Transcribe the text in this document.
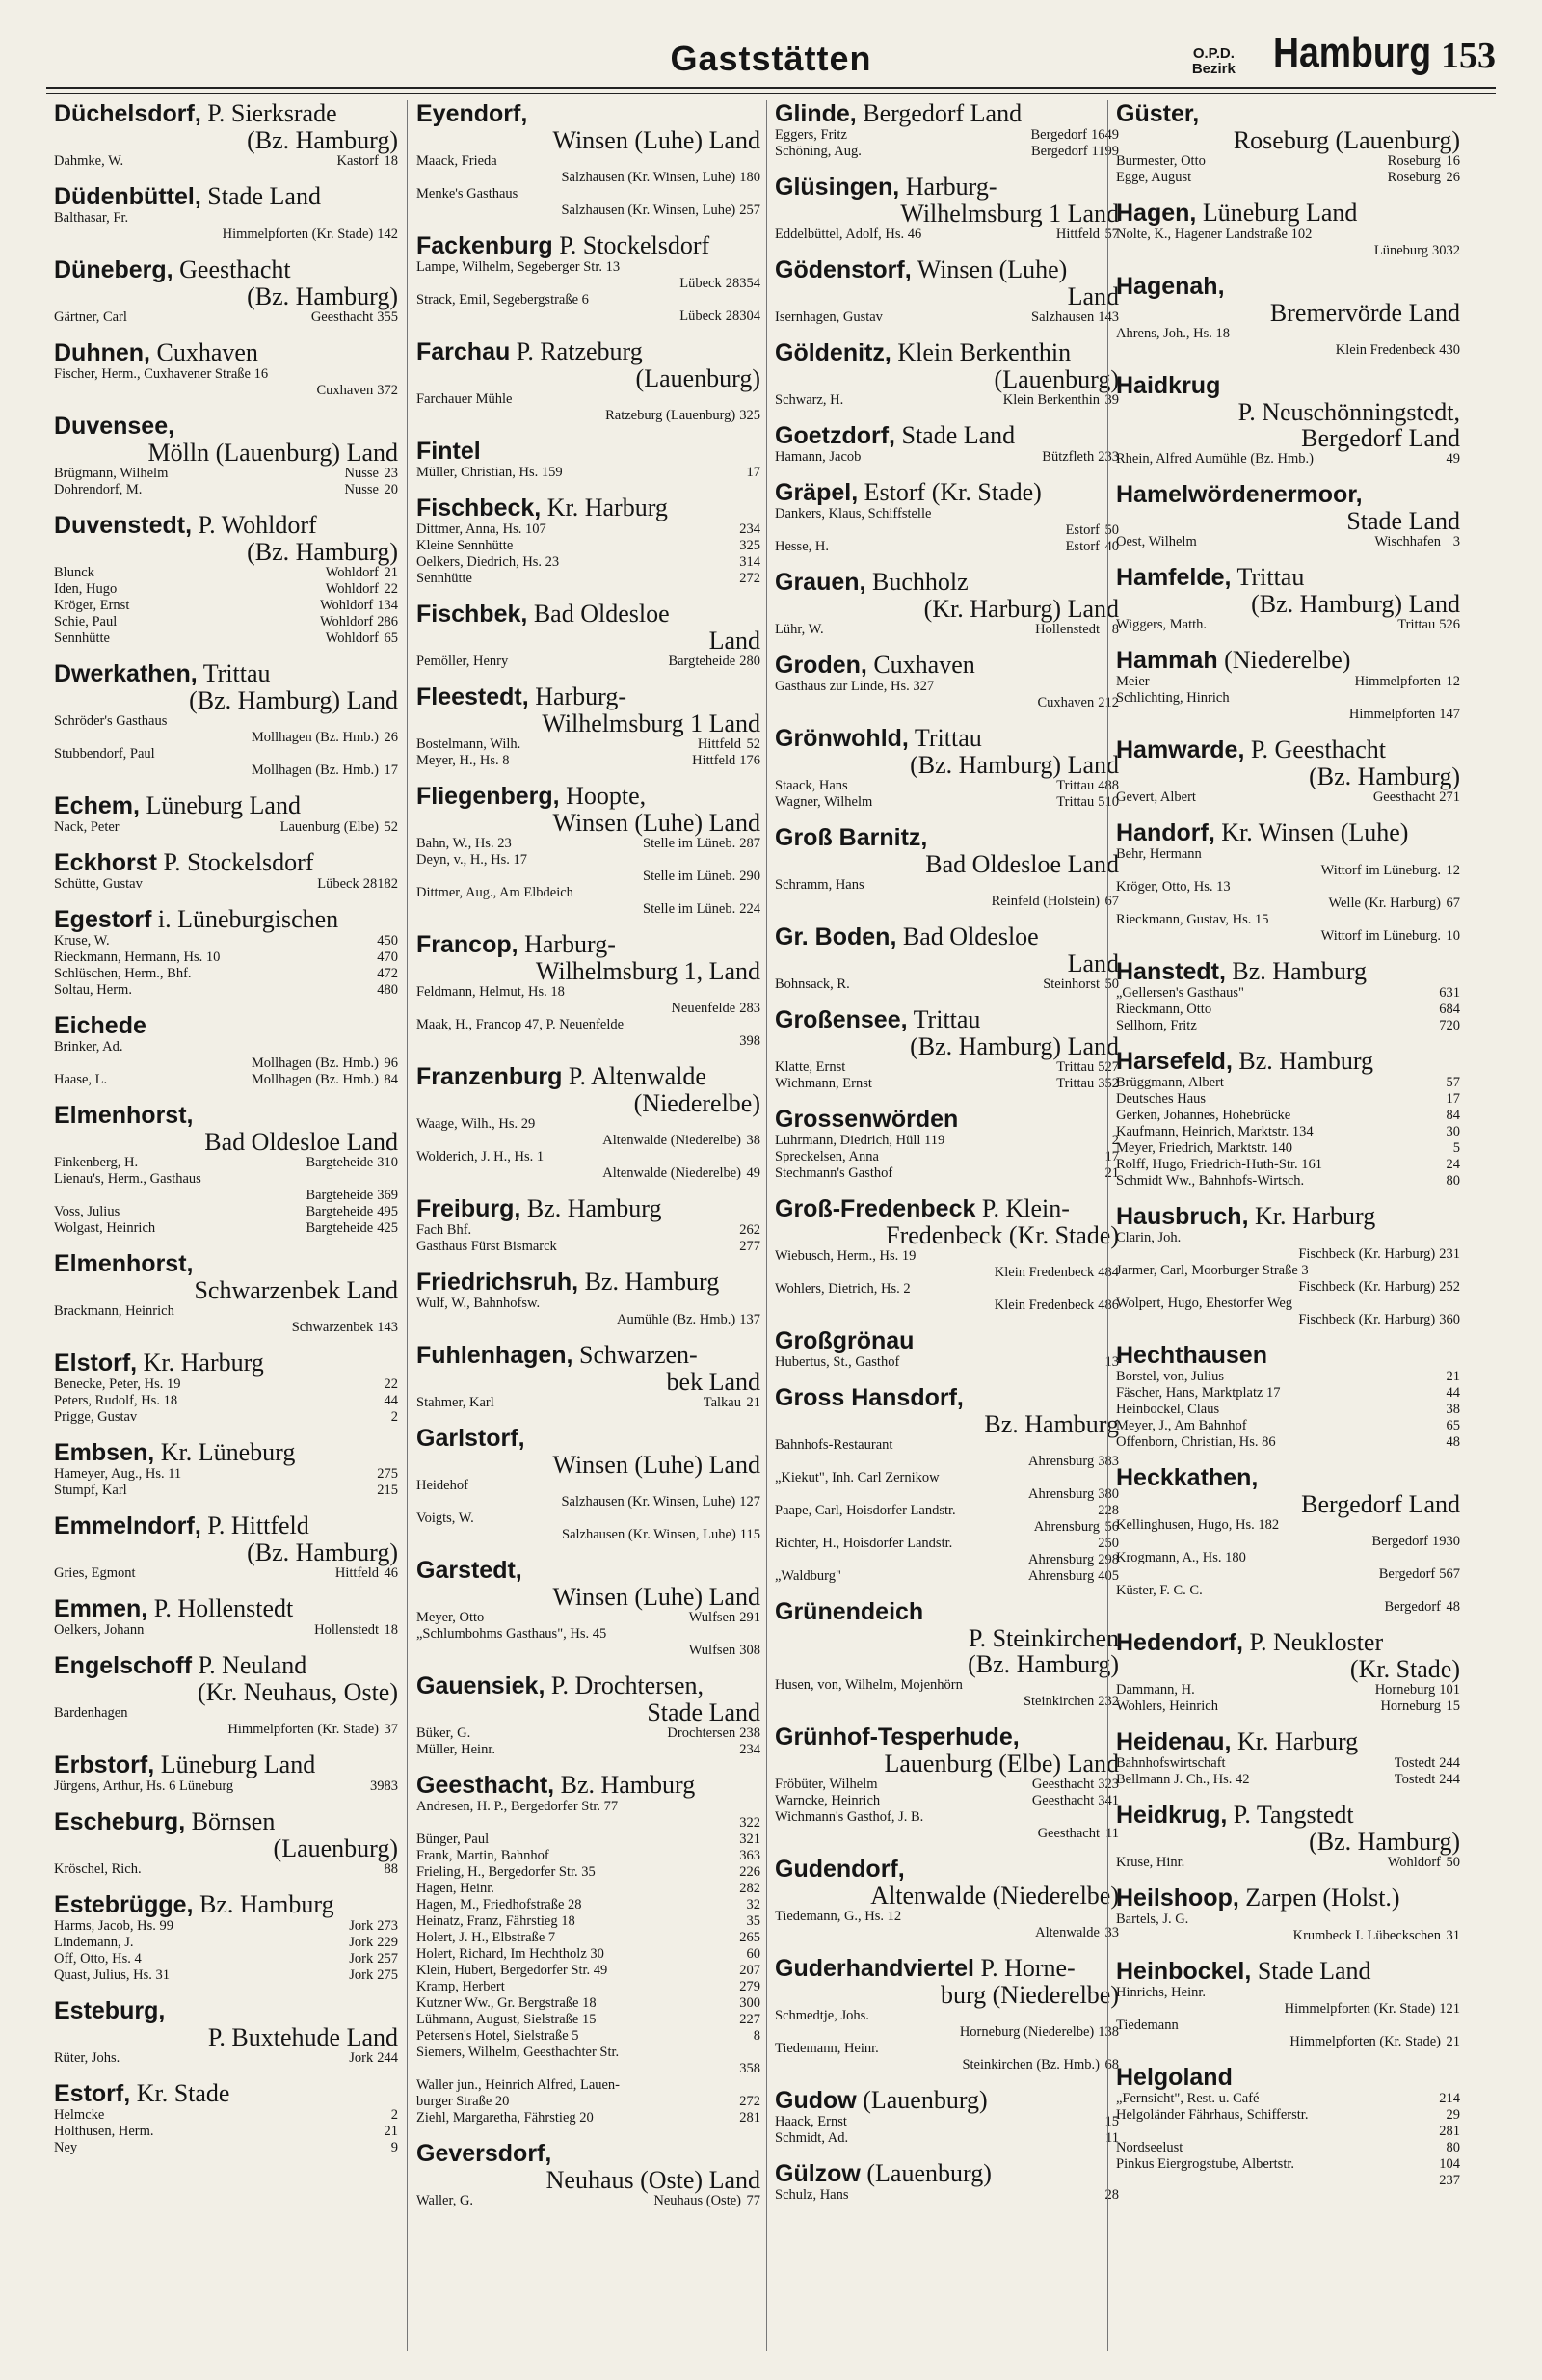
Gaststätten	O.P.D.
Bezirk Hamburg 153
Düchelsdorf, P. Sierksrade
(Bz. Hamburg)
Dahmke, W.	Kastorf 18
Düdenbüttel, Stade Land
Balthasar, Fr.
Himmelpforten (Kr. Stade) 142
Düneberg, Geesthacht
(Bz. Hamburg)
Gärtner, Carl	Geesthacht 355
Duhnen, Cuxhaven
Fischer, Herm., Cuxhavener Straße 16
Cuxhaven 372
Duvensee,
Mölln (Lauenburg) Land
Brügmann, Wilhelm	Nusse 23
Dohrendorf, M.	Nusse 20
Duvenstedt, P. Wohldorf
(Bz. Hamburg)
Blunck	Wohldorf 21
Iden, Hugo	Wohldorf 22
Kröger, Ernst	Wohldorf 134
Schie, Paul	Wohldorf 286
Sennhütte	Wohldorf 65
Dwerkathen, Trittau
(Bz. Hamburg) Land
Schröder's Gasthaus
Mollhagen (Bz. Hmb.) 26
Stubbendorf, Paul
Mollhagen (Bz. Hmb.) 17
Echem, Lüneburg Land
Nack, Peter	Lauenburg (Elbe) 52
Eckhorst P. Stockelsdorf
Schütte, Gustav	Lübeck 28182
Egestorf i. Lüneburgischen
Kruse, W.	450
Rieckmann, Hermann, Hs. 10	470
Schlüschen, Herm., Bhf.	472
Soltau, Herm.	480
Eichede
Brinker, Ad.
Mollhagen (Bz. Hmb.) 96
Haase, L.	Mollhagen (Bz. Hmb.) 84
Elmenhorst,
Bad Oldesloe Land
Finkenberg, H.	Bargteheide 310
Lienau's, Herm., Gasthaus
Bargteheide 369
Voss, Julius	Bargteheide 495
Wolgast, Heinrich	Bargteheide 425
Elmenhorst,
Schwarzenbek Land
Brackmann, Heinrich
Schwarzenbek 143
Elstorf, Kr. Harburg
Benecke, Peter, Hs. 19	22
Peters, Rudolf, Hs. 18	44
Prigge, Gustav	2
Embsen, Kr. Lüneburg
Hameyer, Aug., Hs. 11	275
Stumpf, Karl	215
Emmelndorf, P. Hittfeld
(Bz. Hamburg)
Gries, Egmont	Hittfeld 46
Emmen, P. Hollenstedt
Oelkers, Johann	Hollenstedt 18
Engelschoff P. Neuland
(Kr. Neuhaus, Oste)
Bardenhagen
Himmelpforten (Kr. Stade) 37
Erbstorf, Lüneburg Land
Jürgens, Arthur, Hs. 6 Lüneburg	3983
Escheburg, Börnsen
(Lauenburg)
Kröschel, Rich.	88
Estebrügge, Bz. Hamburg
Harms, Jacob, Hs. 99	Jork 273
Lindemann, J.	Jork 229
Off, Otto, Hs. 4	Jork 257
Quast, Julius, Hs. 31	Jork 275
Esteburg,
P. Buxtehude Land
Rüter, Johs.	Jork 244
Estorf, Kr. Stade
Helmcke	2
Holthusen, Herm.	21
Ney	9
Eyendorf,
Winsen (Luhe) Land
Maack, Frieda
Salzhausen (Kr. Winsen, Luhe) 180
Menke's Gasthaus
Salzhausen (Kr. Winsen, Luhe) 257
Fackenburg P. Stockelsdorf
Lampe, Wilhelm, Segeberger Str. 13
Lübeck 28354
Strack, Emil, Segebergstraße 6
Lübeck 28304
Farchau P. Ratzeburg
(Lauenburg)
Farchauer Mühle
Ratzeburg (Lauenburg) 325
Fintel
Müller, Christian, Hs. 159	17
Fischbeck, Kr. Harburg
Dittmer, Anna, Hs. 107	234
Kleine Sennhütte	325
Oelkers, Diedrich, Hs. 23	314
Sennhütte	272
Fischbek, Bad Oldesloe
Land
Pemöller, Henry	Bargteheide 280
Fleestedt, Harburg-
Wilhelmsburg 1 Land
Bostelmann, Wilh.	Hittfeld 52
Meyer, H., Hs. 8	Hittfeld 176
Fliegenberg, Hoopte,
Winsen (Luhe) Land
Bahn, W., Hs. 23	Stelle im Lüneb. 287
Deyn, v., H., Hs. 17
Stelle im Lüneb. 290
Dittmer, Aug., Am Elbdeich
Stelle im Lüneb. 224
Francop, Harburg-
Wilhelmsburg 1, Land
Feldmann, Helmut, Hs. 18
Neuenfelde 283
Maak, H., Francop 47, P. Neuenfelde
398
Franzenburg P. Altenwalde
(Niederelbe)
Waage, Wilh., Hs. 29
Altenwalde (Niederelbe) 38
Wolderich, J. H., Hs. 1
Altenwalde (Niederelbe) 49
Freiburg, Bz. Hamburg
Fach Bhf.	262
Gasthaus Fürst Bismarck	277
Friedrichsruh, Bz. Hamburg
Wulf, W., Bahnhofsw.
Aumühle (Bz. Hmb.) 137
Fuhlenhagen, Schwarzen-
bek Land
Stahmer, Karl	Talkau 21
Garlstorf,
Winsen (Luhe) Land
Heidehof
Salzhausen (Kr. Winsen, Luhe) 127
Voigts, W.
Salzhausen (Kr. Winsen, Luhe) 115
Garstedt,
Winsen (Luhe) Land
Meyer, Otto	Wulfsen 291
„Schlumbohms Gasthaus", Hs. 45
Wulfsen 308
Gauensiek, P. Drochtersen,
Stade Land
Büker, G.	Drochtersen 238
Müller, Heinr.	234
Geesthacht, Bz. Hamburg
Andresen, H. P., Bergedorfer Str. 77
322
Bünger, Paul	321
Frank, Martin, Bahnhof	363
Frieling, H., Bergedorfer Str. 35	226
Hagen, Heinr.	282
Hagen, M., Friedhofstraße 28	32
Heinatz, Franz, Fährstieg 18	35
Holert, J. H., Elbstraße 7	265
Holert, Richard, Im Hechtholz 30	60
Klein, Hubert, Bergedorfer Str. 49	207
Kramp, Herbert	279
Kutzner Ww., Gr. Bergstraße 18	300
Lühmann, August, Sielstraße 15	227
Petersen's Hotel, Sielstraße 5	8
Siemers, Wilhelm, Geesthachter Str.
358
Waller jun., Heinrich Alfred, Lauen-
burger Straße 20	272
Ziehl, Margaretha, Fährstieg 20	281
Geversdorf,
Neuhaus (Oste) Land
Waller, G.	Neuhaus (Oste) 77
Glinde, Bergedorf Land
Eggers, Fritz	Bergedorf 1649
Schöning, Aug.	Bergedorf 1199
Glüsingen, Harburg-
Wilhelmsburg 1 Land
Eddelbüttel, Adolf, Hs. 46	Hittfeld 57
Gödenstorf, Winsen (Luhe)
Land
Isernhagen, Gustav	Salzhausen 143
Göldenitz, Klein Berkenthin
(Lauenburg)
Schwarz, H.	Klein Berkenthin 39
Goetzdorf, Stade Land
Hamann, Jacob	Bützfleth 233
Gräpel, Estorf (Kr. Stade)
Dankers, Klaus, Schiffstelle
Estorf 50
Hesse, H.	Estorf 40
Grauen, Buchholz
(Kr. Harburg) Land
Lühr, W.	Hollenstedt 8
Groden, Cuxhaven
Gasthaus zur Linde, Hs. 327
Cuxhaven 212
Grönwohld, Trittau
(Bz. Hamburg) Land
Staack, Hans	Trittau 488
Wagner, Wilhelm	Trittau 510
Groß Barnitz,
Bad Oldesloe Land
Schramm, Hans
Reinfeld (Holstein) 67
Gr. Boden, Bad Oldesloe
Land
Bohnsack, R.	Steinhorst 50
Großensee, Trittau
(Bz. Hamburg) Land
Klatte, Ernst	Trittau 527
Wichmann, Ernst	Trittau 352
Grossenwörden
Luhrmann, Diedrich, Hüll 119	2
Spreckelsen, Anna	17
Stechmann's Gasthof	21
Groß-Fredenbeck P. Klein-
Fredenbeck (Kr. Stade)
Wiebusch, Herm., Hs. 19
Klein Fredenbeck 484
Wohlers, Dietrich, Hs. 2
Klein Fredenbeck 486
Großgrönau
Hubertus, St., Gasthof	13
Gross Hansdorf,
Bz. Hamburg
Bahnhofs-Restaurant
Ahrensburg 383
„Kiekut", Inh. Carl Zernikow
Ahrensburg 380
Paape, Carl, Hoisdorfer Landstr.	228
Ahrensburg 56
Richter, H., Hoisdorfer Landstr.	250
Ahrensburg 298
„Waldburg"	Ahrensburg 405
Grünendeich
P. Steinkirchen
(Bz. Hamburg)
Husen, von, Wilhelm, Mojenhörn
Steinkirchen 232
Grünhof-Tesperhude,
Lauenburg (Elbe) Land
Fröbüter, Wilhelm	Geesthacht 323
Warncke, Heinrich	Geesthacht 341
Wichmann's Gasthof, J. B.
Geesthacht 11
Gudendorf,
Altenwalde (Niederelbe)
Tiedemann, G., Hs. 12
Altenwalde 33
Guderhandviertel P. Horne-
burg (Niederelbe)
Schmedtje, Johs.
Horneburg (Niederelbe) 138
Tiedemann, Heinr.
Steinkirchen (Bz. Hmb.) 68
Gudow (Lauenburg)
Haack, Ernst	15
Schmidt, Ad.	11
Gülzow (Lauenburg)
Schulz, Hans	28
Güster,
Roseburg (Lauenburg)
Burmester, Otto	Roseburg 16
Egge, August	Roseburg 26
Hagen, Lüneburg Land
Nolte, K., Hagener Landstraße 102
Lüneburg 3032
Hagenah,
Bremervörde Land
Ahrens, Joh., Hs. 18
Klein Fredenbeck 430
Haidkrug
P. Neuschönningstedt,
Bergedorf Land
Rhein, Alfred Aumühle (Bz. Hmb.)	49
Hamelwördenermoor,
Stade Land
Oest, Wilhelm	Wischhafen 3
Hamfelde, Trittau
(Bz. Hamburg) Land
Wiggers, Matth.	Trittau 526
Hammah (Niederelbe)
Meier	Himmelpforten 12
Schlichting, Hinrich
Himmelpforten 147
Hamwarde, P. Geesthacht
(Bz. Hamburg)
Gevert, Albert	Geesthacht 271
Handorf, Kr. Winsen (Luhe)
Behr, Hermann
Wittorf im Lüneburg. 12
Kröger, Otto, Hs. 13
Welle (Kr. Harburg) 67
Rieckmann, Gustav, Hs. 15
Wittorf im Lüneburg. 10
Hanstedt, Bz. Hamburg
„Gellersen's Gasthaus"	631
Rieckmann, Otto	684
Sellhorn, Fritz	720
Harsefeld, Bz. Hamburg
Brüggmann, Albert	57
Deutsches Haus	17
Gerken, Johannes, Hohebrücke	84
Kaufmann, Heinrich, Marktstr. 134	30
Meyer, Friedrich, Marktstr. 140	5
Rolff, Hugo, Friedrich-Huth-Str. 161	24
Schmidt Ww., Bahnhofs-Wirtsch.	80
Hausbruch, Kr. Harburg
Clarin, Joh.
Fischbeck (Kr. Harburg) 231
Jarmer, Carl, Moorburger Straße 3
Fischbeck (Kr. Harburg) 252
Wolpert, Hugo, Ehestorfer Weg
Fischbeck (Kr. Harburg) 360
Hechthausen
Borstel, von, Julius	21
Fäscher, Hans, Marktplatz 17	44
Heinbockel, Claus	38
Meyer, J., Am Bahnhof	65
Offenborn, Christian, Hs. 86	48
Heckkathen,
Bergedorf Land
Kellinghusen, Hugo, Hs. 182
Bergedorf 1930
Krogmann, A., Hs. 180
Bergedorf 567
Küster, F. C. C.
Bergedorf 48
Hedendorf, P. Neukloster
(Kr. Stade)
Dammann, H.	Horneburg 101
Wohlers, Heinrich	Horneburg 15
Heidenau, Kr. Harburg
Bahnhofswirtschaft	Tostedt 244
Bellmann J. Ch., Hs. 42	Tostedt 244
Heidkrug, P. Tangstedt
(Bz. Hamburg)
Kruse, Hinr.	Wohldorf 50
Heilshoop, Zarpen (Holst.)
Bartels, J. G.
Krumbeck I. Lübeckschen 31
Heinbockel, Stade Land
Hinrichs, Heinr.
Himmelpforten (Kr. Stade) 121
Tiedemann
Himmelpforten (Kr. Stade) 21
Helgoland
„Fernsicht", Rest. u. Café	214
Helgoländer Fährhaus, Schifferstr.	29
281
Nordseelust	80
Pinkus Eiergrogstube, Albertstr.	104
237
